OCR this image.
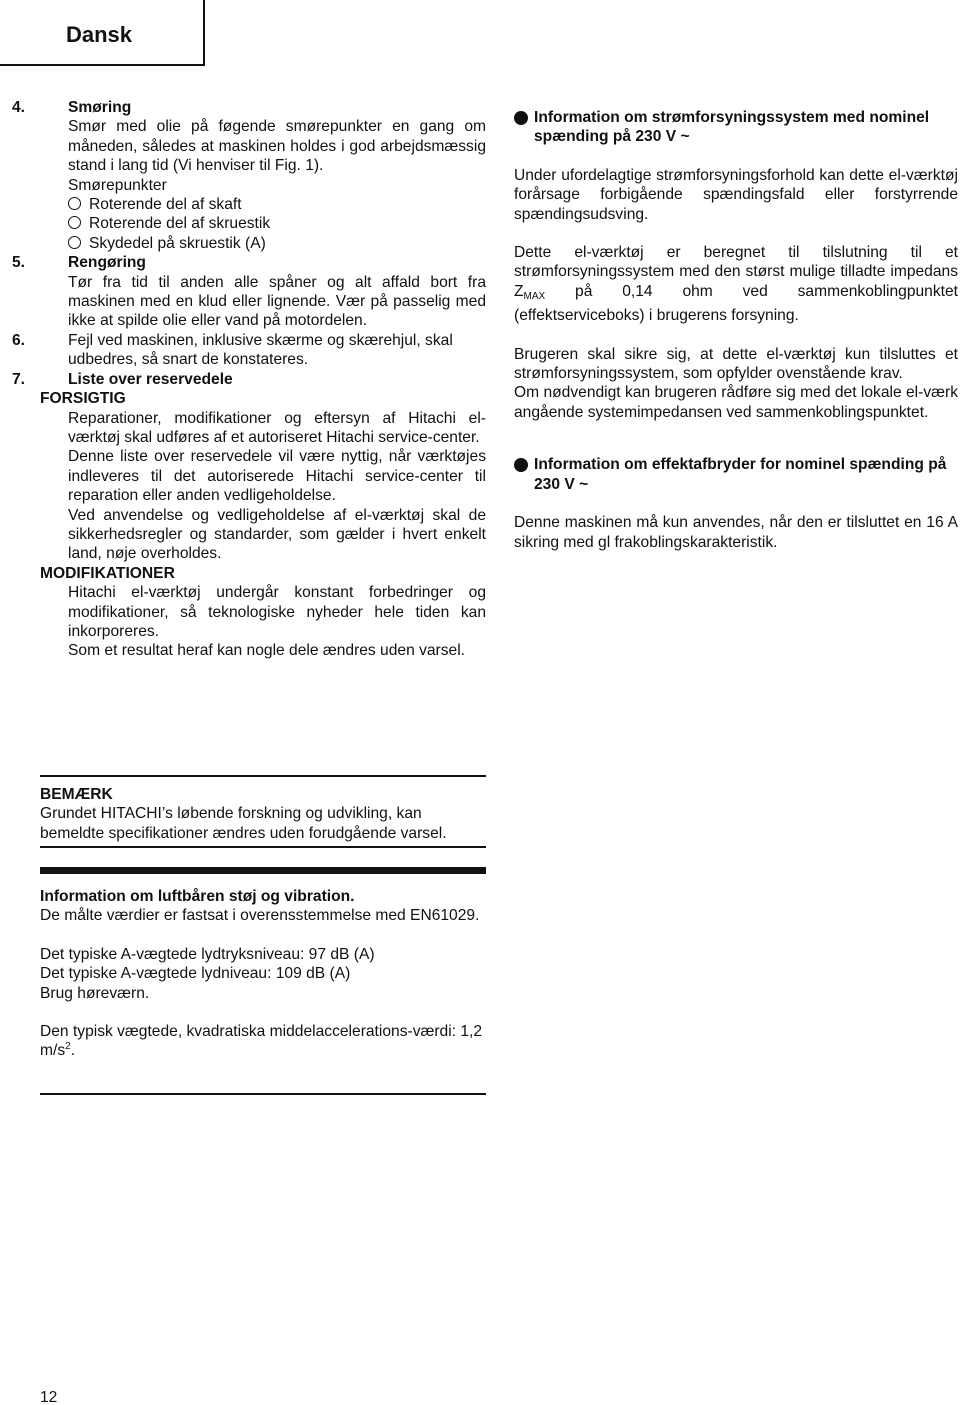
Dansk
4.	Smøring

Smør med olie på føgende smørepunkter en gang om måneden, således at maskinen holdes i god arbejdsmæssig stand i lang tid (Vi henviser til Fig. 1).

Smørepunkter

Roterende del af skaft

Roterende del af skruestik

Skydedel på skruestik (A)

5.	Rengøring

Tør fra tid til anden alle spåner og alt affald bort fra maskinen med en klud eller lignende. Vær på passelig med ikke at spilde olie eller vand på motordelen.

6.	Fejl ved maskinen, inklusive skærme og skærehjul, skal udbedres, så snart de konstateres.
7.	Liste over reservedele

FORSIGTIG

Reparationer, modifikationer og eftersyn af Hitachi el-værktøj skal udføres af et autoriseret Hitachi service-center.

Denne liste over reservedele vil være nyttig, når værktøjes indleveres til det autoriserede Hitachi service-center til reparation eller anden vedligeholdelse.

Ved anvendelse og vedligeholdelse af el-værktøj skal de sikkerhedsregler og standarder, som gælder i hvert enkelt land, nøje overholdes.

MODIFIKATIONER

Hitachi el-værktøj undergår konstant forbedringer og modifikationer, så teknologiske nyheder hele tiden kan inkorporeres.

Som et resultat heraf kan nogle dele ændres uden varsel.

Information om strømforsyningssystem med nominel spænding på 230 V ~

Under ufordelagtige strømforsyningsforhold kan dette el-værktøj forårsage forbigående spændingsfald eller forstyrrende spændingsudsving.

Dette el-værktøj er beregnet til tilslutning til et strømforsyningssystem med den størst mulige tilladte impedans $Z_{MAX}$ på 0,14 ohm ved sammenkoblingpunktet (effektserviceboks) i brugerens forsyning.

Brugeren skal sikre sig, at dette el-værktøj kun tilsluttes et strømforsyningssystem, som opfylder ovenstående krav.

Om nødvendigt kan brugeren rådføre sig med det lokale el-værk angående systemimpedansen ved sammenkoblingspunktet.

Information om effektafbryder for nominel spænding på 230 V ~

Denne maskinen må kun anvendes, når den er tilsluttet en 16 A sikring med gl frakoblingskarakteristik.

BEMÆRK

Grundet HITACHI’s løbende forskning og udvikling, kan bemeldte specifikationer ændres uden forudgående varsel.

Information om luftbåren støj og vibration.

De målte værdier er fastsat i overensstemmelse med EN61029.

Det typiske A-vægtede lydtryksniveau: 97 dB (A)

Det typiske A-vægtede lydniveau: 109 dB (A)

Brug høreværn.

Den typisk vægtede, kvadratiska middelaccelerations-værdi: 1,2 $m/s^2$.

12
